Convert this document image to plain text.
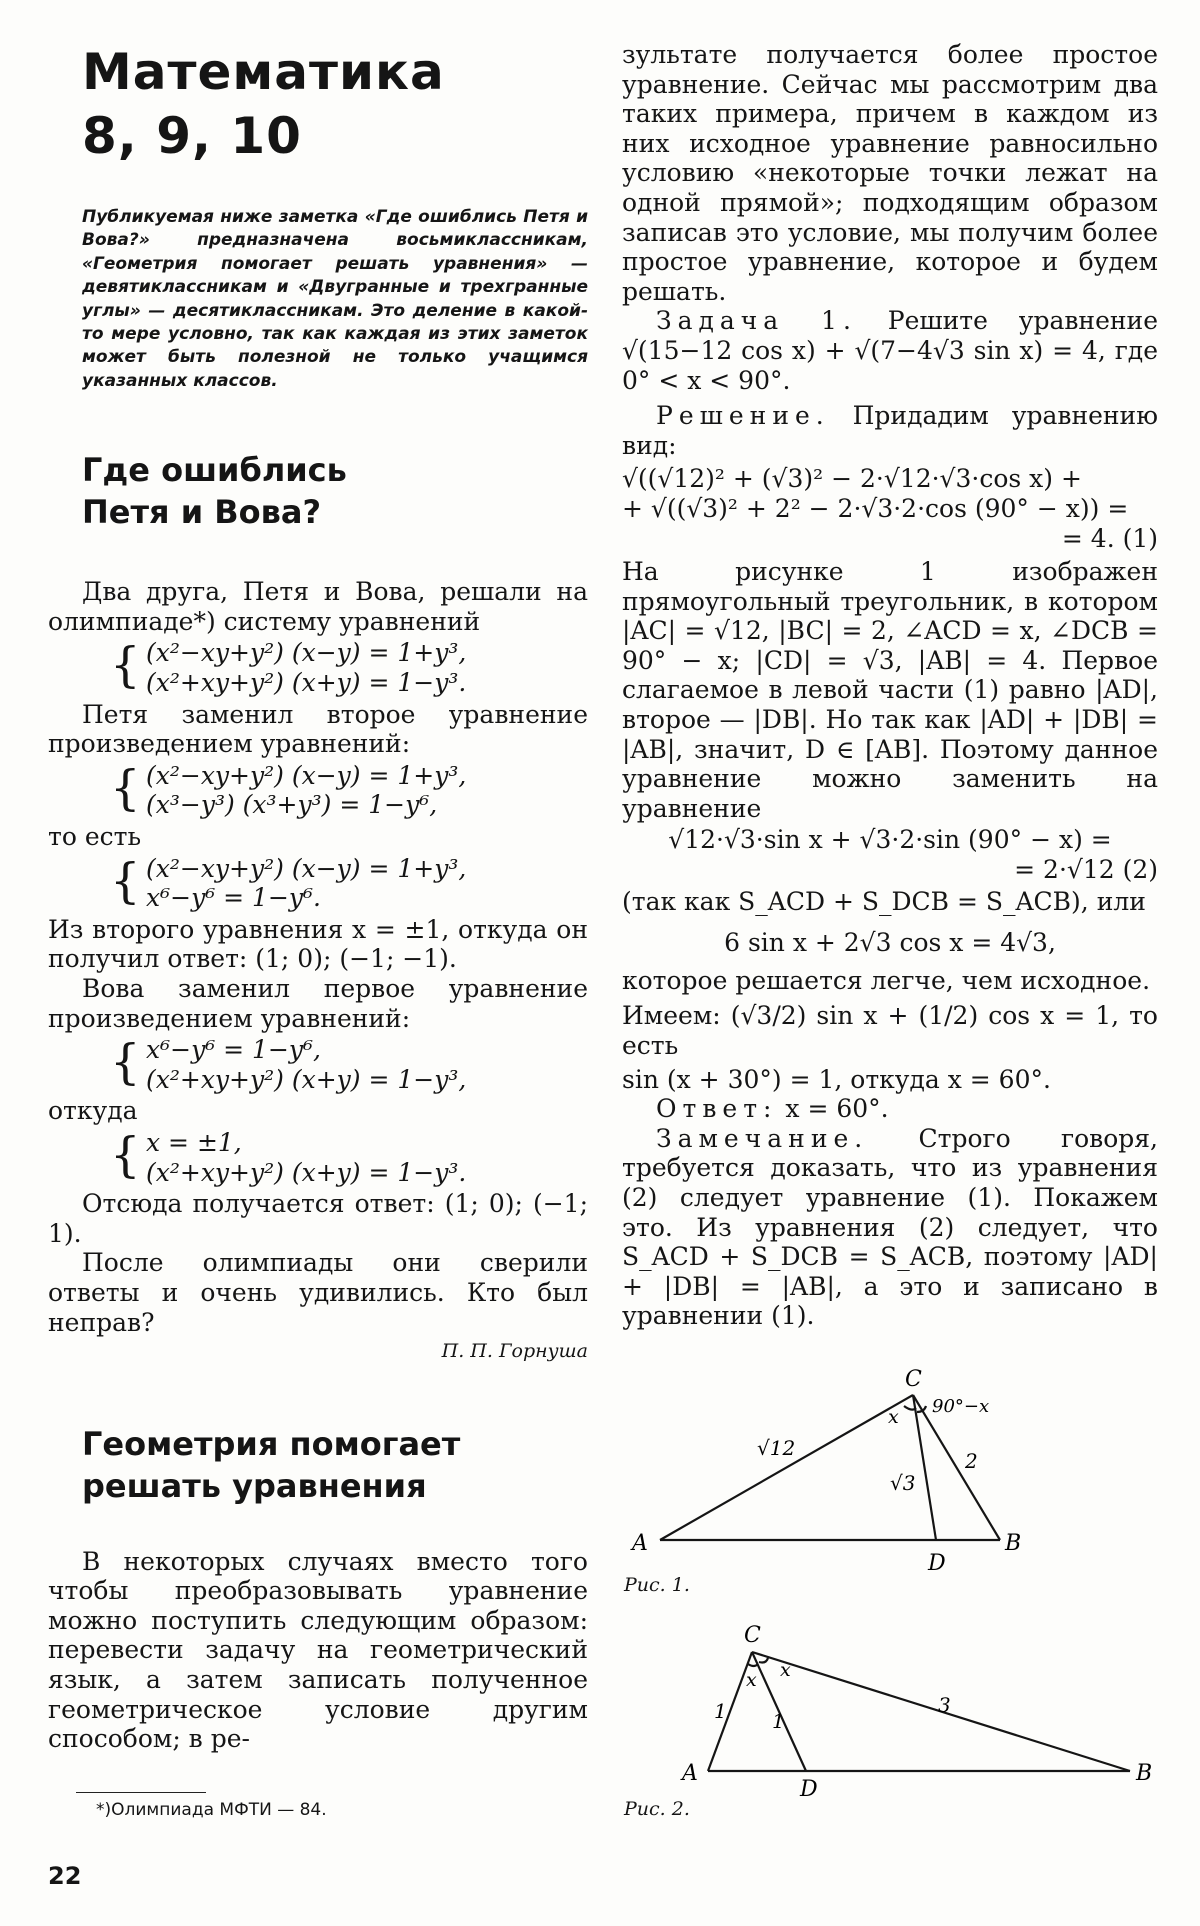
Математика
8, 9, 10

Публикуемая ниже заметка «Где ошиблись Петя и Вова?» предназначена восьмиклассникам, «Геометрия помогает решать уравнения» — девятиклассникам и «Двугранные и трехгранные углы» — десятиклассникам. Это деление в какой-то мере условно, так как каждая из этих заметок может быть полезной не только учащимся указанных классов.

Где ошиблись
Петя и Вова?

Два друга, Петя и Вова, решали на олимпиаде*) систему уравнений

{ (x²−xy+y²) (x−y) = 1+y³,
(x²+xy+y²) (x+y) = 1−y³.

Петя заменил второе уравнение произведением уравнений:

{ (x²−xy+y²) (x−y) = 1+y³,
(x³−y³) (x³+y³) = 1−y⁶,

то есть

{ (x²−xy+y²) (x−y) = 1+y³,
x⁶−y⁶ = 1−y⁶.

Из второго уравнения x = ±1, откуда он получил ответ: (1; 0); (−1; −1).

Вова заменил первое уравнение произведением уравнений:

{ x⁶−y⁶ = 1−y⁶,
(x²+xy+y²) (x+y) = 1−y³,

откуда

{ x = ±1,
(x²+xy+y²) (x+y) = 1−y³.

Отсюда получается ответ: (1; 0); (−1; 1).

После олимпиады они сверили ответы и очень удивились. Кто был неправ?

П. П. Горнуша
Геометрия помогает
решать уравнения

В некоторых случаях вместо того чтобы преобразовывать уравнение можно поступить следующим образом: перевести задачу на геометрический язык, а затем записать полученное геометрическое условие другим способом; в ре-

зультате получается более простое уравнение. Сейчас мы рассмотрим два таких примера, причем в каждом из них исходное уравнение равносильно условию «некоторые точки лежат на одной прямой»; подходящим образом записав это условие, мы получим более простое уравнение, которое и будем решать.

Задача 1. Решите уравнение √(15−12 cos x) + √(7−4√3 sin x) = 4, где 0° < x < 90°.

Решение. Придадим уравнению вид:

√((√12)² + (√3)² − 2·√12·√3·cos x) +
+ √((√3)² + 2² − 2·√3·2·cos (90° − x)) =
= 4. (1)

На рисунке 1 изображен прямоугольный треугольник, в котором |AC| = √12, |BC| = 2, ∠ACD = x, ∠DCB = 90° − x; |CD| = √3, |AB| = 4. Первое слагаемое в левой части (1) равно |AD|, второе — |DB|. Но так как |AD| + |DB| = |AB|, значит, D ∈ [AB]. Поэтому данное уравнение можно заменить на уравнение

√12·√3·sin x + √3·2·sin (90° − x) =
= 2·√12 (2)

(так как S_ACD + S_DCB = S_ACB), или

6 sin x + 2√3 cos x = 4√3,

которое решается легче, чем исходное.

Имеем: (√3/2) sin x + (1/2) cos x = 1, то есть

sin (x + 30°) = 1, откуда x = 60°.

Ответ: x = 60°.

Замечание. Строго говоря, требуется доказать, что из уравнения (2) следует уравнение (1). Покажем это. Из уравнения (2) следует, что S_ACD + S_DCB = S_ACB, поэтому |AD| + |DB| = |AB|, а это и записано в уравнении (1).

A	B
C
D
√12
√3
2
x 90°−x
Рис. 1.
A	B
C
D
1 1
3
x x
Рис. 2.
*)Олимпиада МФТИ — 84.
22
